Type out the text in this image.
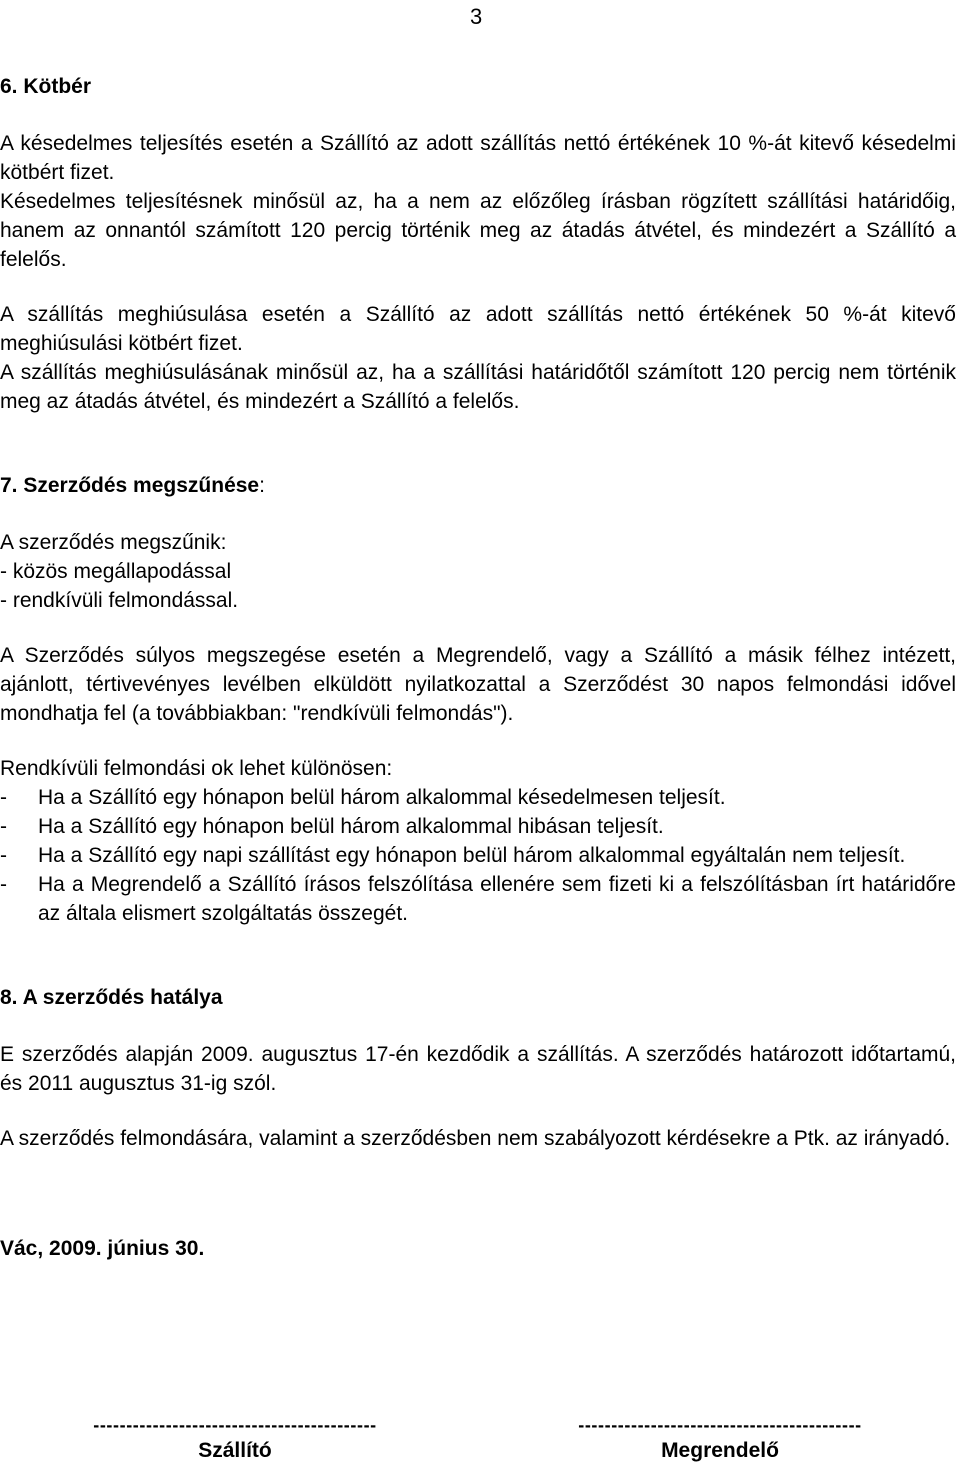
3

6. Kötbér

A késedelmes teljesítés esetén a Szállító az adott szállítás nettó értékének 10 %-át kitevő késedelmi kötbért fizet.

Késedelmes teljesítésnek minősül az, ha a nem az előzőleg írásban rögzített szállítási határidőig, hanem az onnantól számított 120 percig történik meg az átadás átvétel, és mindezért a Szállító a felelős.

A szállítás meghiúsulása esetén a Szállító az adott szállítás nettó értékének 50 %-át kitevő meghiúsulási kötbért fizet.

A szállítás meghiúsulásának minősül az, ha a szállítási határidőtől számított 120 percig nem történik meg az átadás átvétel, és mindezért a Szállító a felelős.

7. Szerződés megszűnése:

A szerződés megszűnik:

- közös megállapodással

- rendkívüli felmondással.

A Szerződés súlyos megszegése esetén a Megrendelő, vagy a Szállító a másik félhez intézett, ajánlott, tértivevényes levélben elküldött nyilatkozattal a Szerződést 30 napos felmondási idővel mondhatja fel (a továbbiakban: "rendkívüli felmondás").

Rendkívüli felmondási ok lehet különösen:

-	Ha a Szállító egy hónapon belül három alkalommal késedelmesen teljesít.
-	Ha a Szállító egy hónapon belül három alkalommal hibásan teljesít.
-	Ha a Szállító egy napi szállítást egy hónapon belül három alkalommal egyáltalán nem teljesít.
-	Ha a Megrendelő a Szállító írásos felszólítása ellenére sem fizeti ki a felszólításban írt határidőre az általa elismert szolgáltatás összegét.

8. A szerződés hatálya

E szerződés alapján 2009. augusztus 17-én kezdődik a szállítás. A szerződés határozott időtartamú, és 2011 augusztus 31-ig szól.

A szerződés felmondására, valamint a szerződésben nem szabályozott kérdésekre a Ptk. az irányadó.

Vác, 2009. június 30.

-------------------------------------------
Szállító
-------------------------------------------
Megrendelő
